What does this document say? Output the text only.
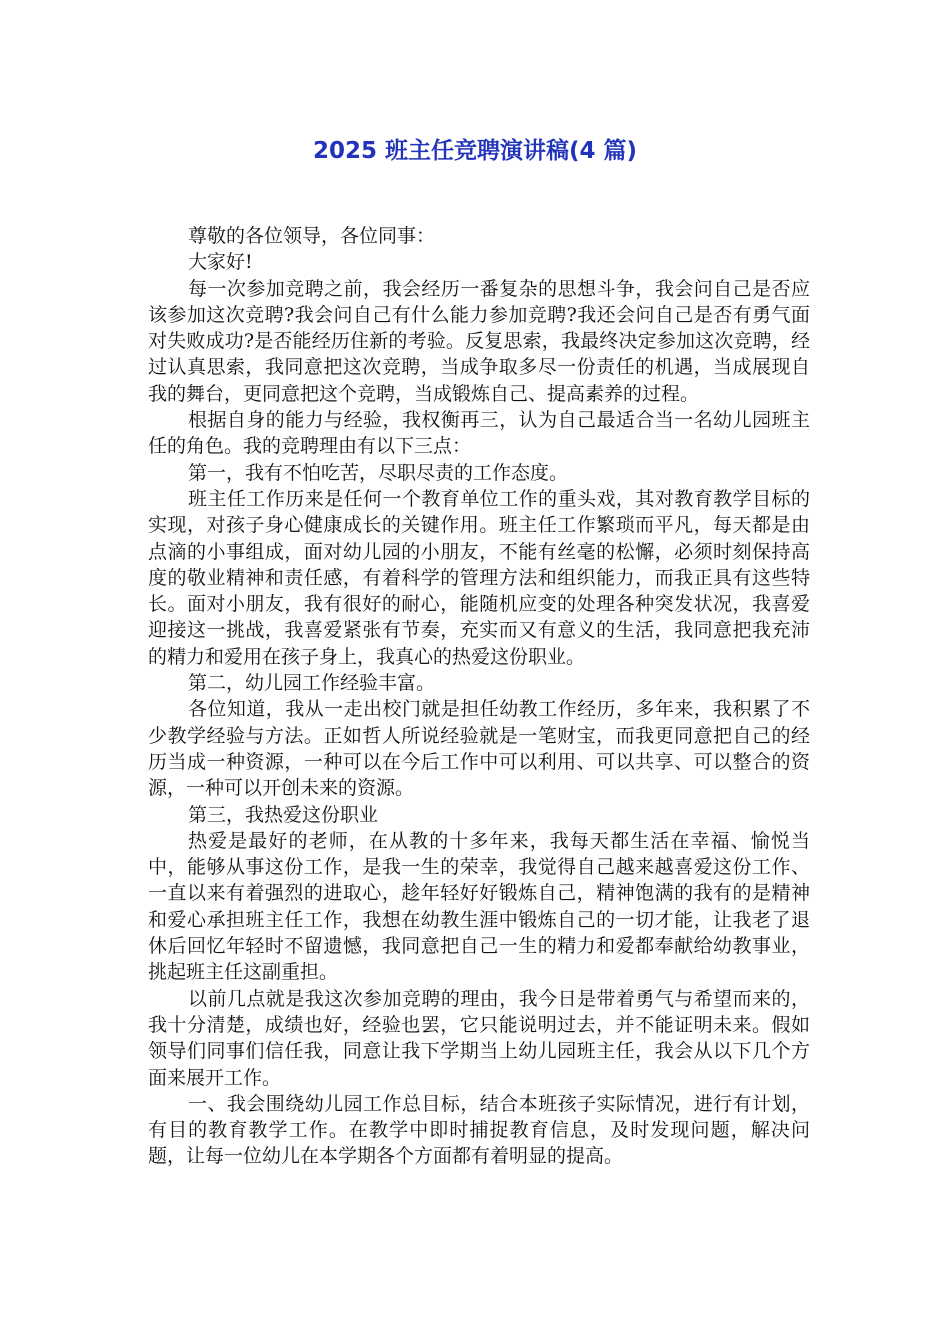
2025 班主任竞聘演讲稿(4 篇)

尊敬的各位领导，各位同事：

大家好!

每一次参加竞聘之前，我会经历一番复杂的思想斗争，我会问自己是否应该参加这次竞聘?我会问自己有什么能力参加竞聘?我还会问自己是否有勇气面对失败成功?是否能经历住新的考验。反复思索，我最终决定参加这次竞聘，经过认真思索，我同意把这次竞聘，当成争取多尽一份责任的机遇，当成展现自我的舞台，更同意把这个竞聘，当成锻炼自己、提高素养的过程。

根据自身的能力与经验，我权衡再三，认为自己最适合当一名幼儿园班主任的角色。我的竞聘理由有以下三点：

第一，我有不怕吃苦，尽职尽责的工作态度。

班主任工作历来是任何一个教育单位工作的重头戏，其对教育教学目标的实现，对孩子身心健康成长的关键作用。班主任工作繁琐而平凡，每天都是由点滴的小事组成，面对幼儿园的小朋友，不能有丝毫的松懈，必须时刻保持高度的敬业精神和责任感，有着科学的管理方法和组织能力，而我正具有这些特长。面对小朋友，我有很好的耐心，能随机应变的处理各种突发状况，我喜爱迎接这一挑战，我喜爱紧张有节奏，充实而又有意义的生活，我同意把我充沛的精力和爱用在孩子身上，我真心的热爱这份职业。

第二，幼儿园工作经验丰富。

各位知道，我从一走出校门就是担任幼教工作经历，多年来，我积累了不少教学经验与方法。正如哲人所说经验就是一笔财宝，而我更同意把自己的经历当成一种资源，一种可以在今后工作中可以利用、可以共享、可以整合的资源，一种可以开创未来的资源。

第三，我热爱这份职业

热爱是最好的老师，在从教的十多年来，我每天都生活在幸福、愉悦当中，能够从事这份工作，是我一生的荣幸，我觉得自己越来越喜爱这份工作、一直以来有着强烈的进取心，趁年轻好好锻炼自己，精神饱满的我有的是精神和爱心承担班主任工作，我想在幼教生涯中锻炼自己的一切才能，让我老了退休后回忆年轻时不留遗憾，我同意把自己一生的精力和爱都奉献给幼教事业，挑起班主任这副重担。

以前几点就是我这次参加竞聘的理由，我今日是带着勇气与希望而来的，我十分清楚，成绩也好，经验也罢，它只能说明过去，并不能证明未来。假如领导们同事们信任我，同意让我下学期当上幼儿园班主任，我会从以下几个方面来展开工作。

一、我会围绕幼儿园工作总目标，结合本班孩子实际情况，进行有计划，有目的教育教学工作。在教学中即时捕捉教育信息，及时发现问题，解决问题，让每一位幼儿在本学期各个方面都有着明显的提高。
